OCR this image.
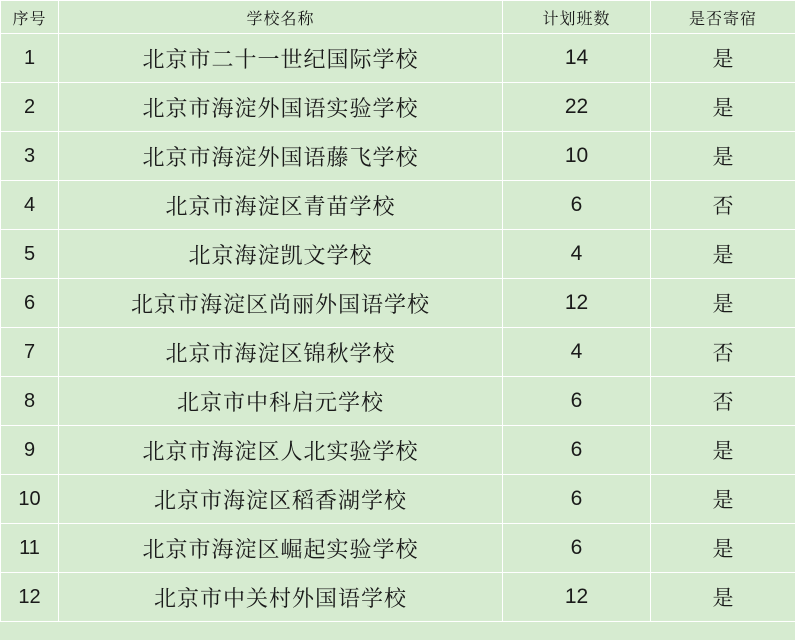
序号	学校名称	计划班数	是否寄宿
1	北京市二十一世纪国际学校	14	是
2	北京市海淀外国语实验学校	22	是
3	北京市海淀外国语藤飞学校	10	是
4	北京市海淀区青苗学校	6	否
5	北京海淀凯文学校	4	是
6	北京市海淀区尚丽外国语学校	12	是
7	北京市海淀区锦秋学校	4	否
8	北京市中科启元学校	6	否
9	北京市海淀区人北实验学校	6	是
10	北京市海淀区稻香湖学校	6	是
11	北京市海淀区崛起实验学校	6	是
12	北京市中关村外国语学校	12	是
